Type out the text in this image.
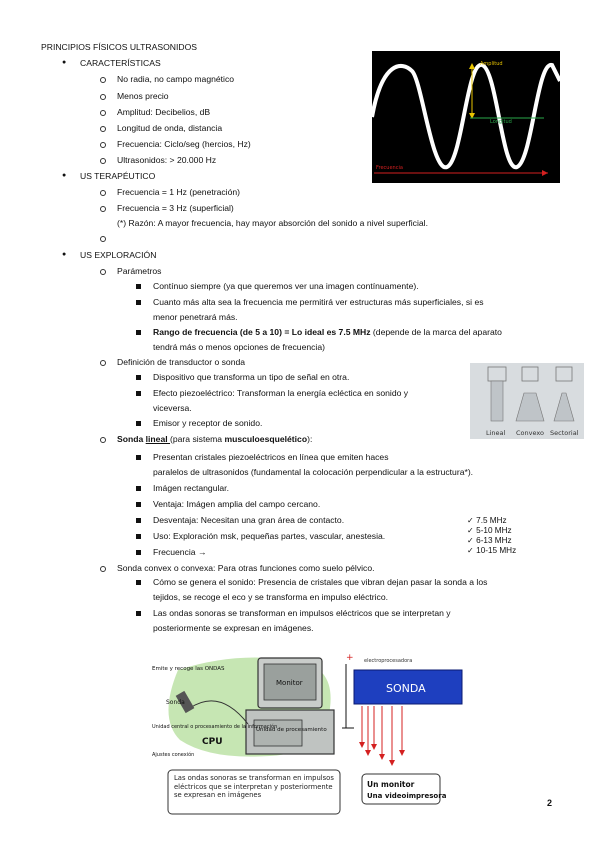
PRINCIPIOS FÍSICOS ULTRASONIDOS
● CARACTERÍSTICAS
No radia, no campo magnético
Menos precio
Amplitud: Decibelios, dB
Longitud de onda, distancia
Frecuencia: Ciclo/seg (hercios, Hz)
Ultrasonidos: > 20.000 Hz
Amplitud
Longitud
Frecuencia
● US TERAPÉUTICO
Frecuencia = 1 Hz (penetración)
Frecuencia = 3 Hz (superficial)
(*) Razón: A mayor frecuencia, hay mayor absorción del sonido a nivel superficial.
● US EXPLORACIÓN
Parámetros
Contínuo siempre (ya que queremos ver una imagen contínuamente).
Cuanto más alta sea la frecuencia me permitirá ver estructuras más superficiales, si es
menor penetrará más.
Rango de frecuencia (de 5 a 10) = Lo ideal es 7.5 MHz (depende de la marca del aparato
tendrá más o menos opciones de frecuencia)
Definición de transductor o sonda
Dispositivo que transforma un tipo de señal en otra.
Efecto piezoeléctrico: Transforman la energía ecléctica en sonido y
viceversa.
Emisor y receptor de sonido.
Lineal Convexo Sectorial
Sonda lineal (para sistema musculoesquelético):
Presentan cristales piezoeléctricos en línea que emiten haces
paralelos de ultrasonidos (fundamental la colocación perpendicular a la estructura*).
Imágen rectangular.
Ventaja: Imágen amplia del campo cercano.
Desventaja: Necesitan una gran área de contacto.
Uso: Exploración msk, pequeñas partes, vascular, anestesia.
Frecuencia →
✓ 7.5 MHz
✓ 5-10 MHz
✓ 6-13 MHz
✓ 10-15 MHz
Sonda convex o convexa: Para otras funciones como suelo pélvico.
Cómo se genera el sonido: Presencia de cristales que vibran dejan pasar la sonda a los
tejidos, se recoge el eco y se transforma en impulso eléctrico.
Las ondas sonoras se transforman en impulsos eléctricos que se interpretan y
posteriormente se expresan en imágenes.
Monitor
Unidad de procesamiento
Emite y recoge las ONDAS
Sonda
Unidad central o procesamiento de la información
CPU
Ajustes conexión
SONDA
electroprocesadora
+
Un monitor
Una videoimpresora
Las ondas sonoras se transforman en impulsos eléctricos que se interpretan y posteriormente se expresan en imágenes
2
